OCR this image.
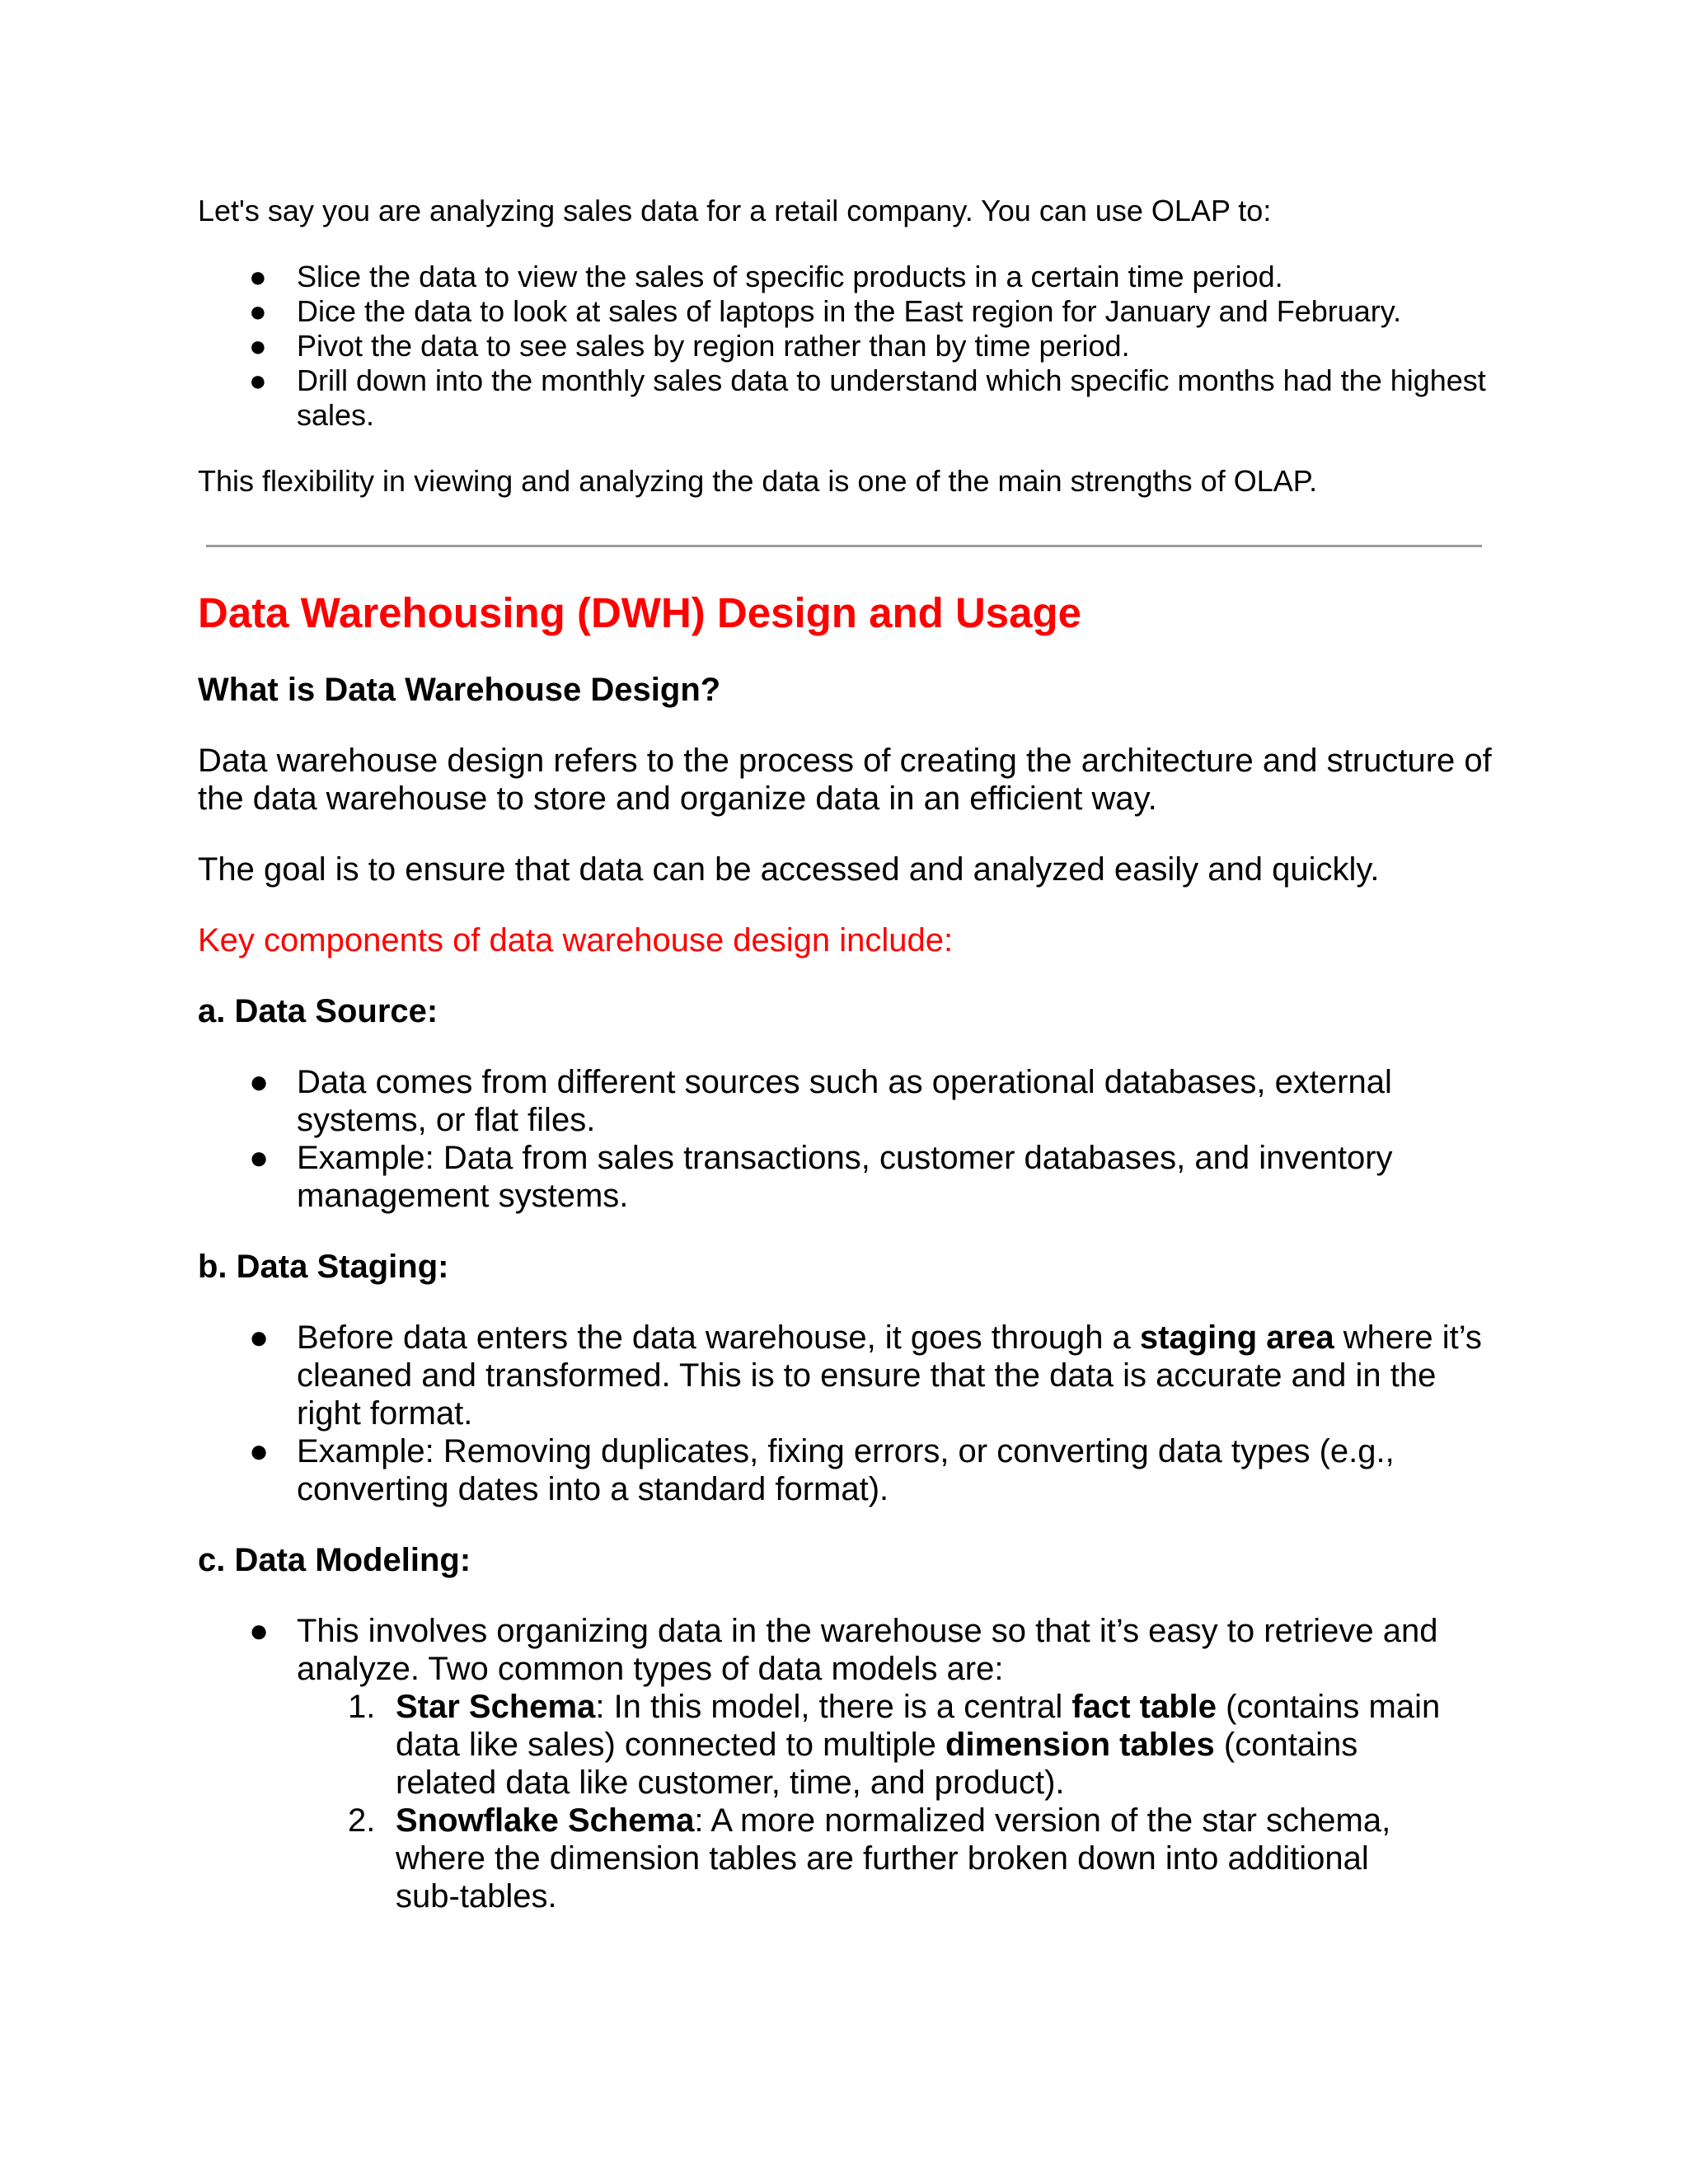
Let's say you are analyzing sales data for a retail company. You can use OLAP to:

● Slice the data to view the sales of specific products in a certain time period.
● Dice the data to look at sales of laptops in the East region for January and February.
● Pivot the data to see sales by region rather than by time period.
● Drill down into the monthly sales data to understand which specific months had the highest sales.

This flexibility in viewing and analyzing the data is one of the main strengths of OLAP.

Data Warehousing (DWH) Design and Usage

What is Data Warehouse Design?

Data warehouse design refers to the process of creating the architecture and structure of the data warehouse to store and organize data in an efficient way.

The goal is to ensure that data can be accessed and analyzed easily and quickly.

Key components of data warehouse design include:

a. Data Source:

● Data comes from different sources such as operational databases, external systems, or flat files.
● Example: Data from sales transactions, customer databases, and inventory management systems.

b. Data Staging:

● Before data enters the data warehouse, it goes through a staging area where it’s cleaned and transformed. This is to ensure that the data is accurate and in the right format.
● Example: Removing duplicates, fixing errors, or converting data types (e.g., converting dates into a standard format).

c. Data Modeling:

● This involves organizing data in the warehouse so that it’s easy to retrieve and analyze. Two common types of data models are:
1. Star Schema: In this model, there is a central fact table (contains main data like sales) connected to multiple dimension tables (contains related data like customer, time, and product).
2. Snowflake Schema: A more normalized version of the star schema, where the dimension tables are further broken down into additional sub-tables.
